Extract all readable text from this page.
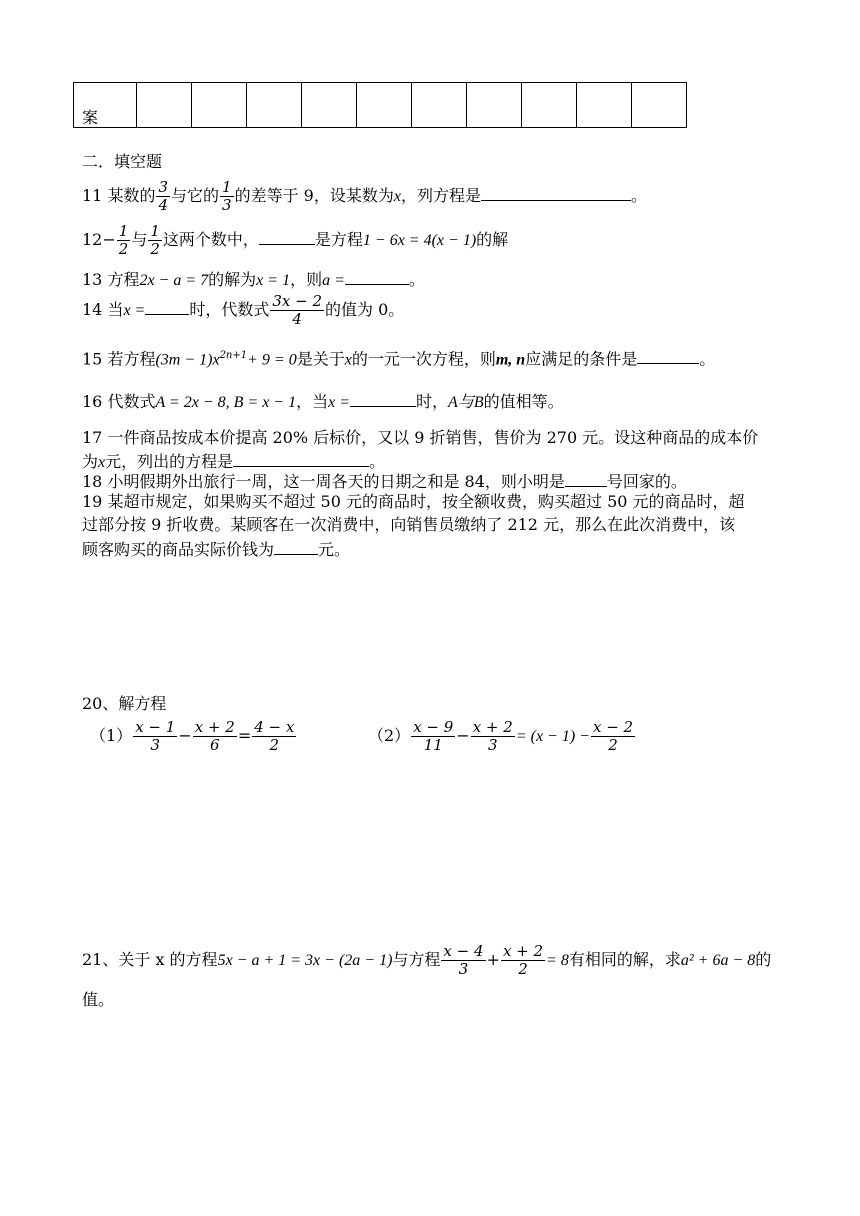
案										
二．填空题
11 某数的 $\frac{3}{4}$ 与它的 $\frac{1}{3}$ 的差等于 9，设某数为x，列方程是	。
$12- \frac{1}{2}$ 与 $\frac{1}{2}$ 这两个数中，	是方程1 − 6x = 4(x − 1)的解
13 方程2x − a = 7的解为x = 1，则a =	。
14 当x =	时，代数式 $\frac{3x - 2}{4}$ 的值为 0。
15 若方程$(3m - 1)x^{2n+1}+ 9 = 0$是关于x的一元一次方程，则m, n应满足的条件是	。
16 代数式A = 2x − 8, B = x − 1，当x =	时，A与B的值相等。
17 一件商品按成本价提高 20% 后标价，又以 9 折销售，售价为 270 元。设这种商品的成本价
为x元，列出的方程是	。
18 小明假期外出旅行一周，这一周各天的日期之和是 84，则小明是	号回家的。
19 某超市规定，如果购买不超过 50 元的商品时，按全额收费，购买超过 50 元的商品时，超
过部分按 9 折收费。某顾客在一次消费中，向销售员缴纳了 212 元，那么在此次消费中，该
顾客购买的商品实际价钱为	元。
20、解方程
$(1) \frac{x - 1}{3} - \frac{x + 2}{6} = \frac{4 - x}{2}$	$(2) \frac{x - 9}{11} - \frac{x + 2}{3} = (x - 1) - \frac{x - 2}{2}$
21、关于 x 的方程5x − a + 1 = 3x − (2a − 1)与方程 $\frac{x - 4}{3} + \frac{x + 2}{2} = 8$有相同的解，求a² + 6a − 8的
值。
